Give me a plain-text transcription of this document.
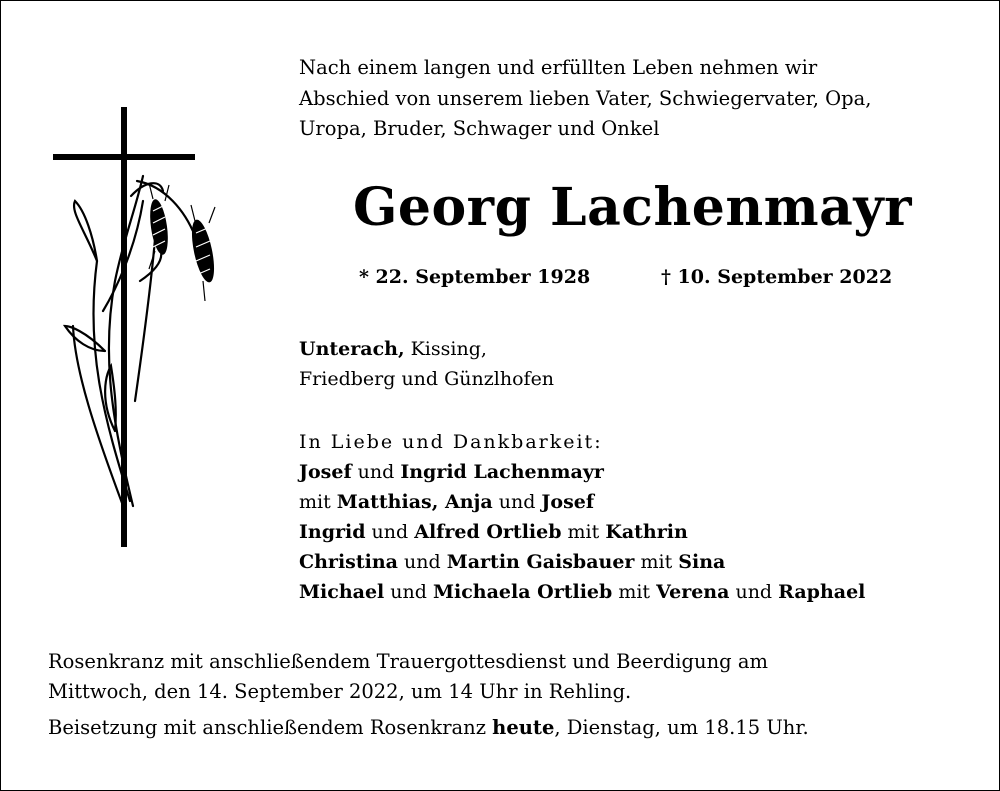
Nach einem langen und erfüllten Leben nehmen wir
Abschied von unserem lieben Vater, Schwiegervater, Opa,
Uropa, Bruder, Schwager und Onkel
Georg Lachenmayr
* 22. September 1928	† 10. September 2022
Unterach, Kissing,
Friedberg und Günzlhofen
In Liebe und Dankbarkeit:
Josef und Ingrid Lachenmayr
mit Matthias, Anja und Josef
Ingrid und Alfred Ortlieb mit Kathrin
Christina und Martin Gaisbauer mit Sina
Michael und Michaela Ortlieb mit Verena und Raphael
Rosenkranz mit anschließendem Trauergottesdienst und Beerdigung am
Mittwoch, den 14. September 2022, um 14 Uhr in Rehling.
Beisetzung mit anschließendem Rosenkranz heute, Dienstag, um 18.15 Uhr.
